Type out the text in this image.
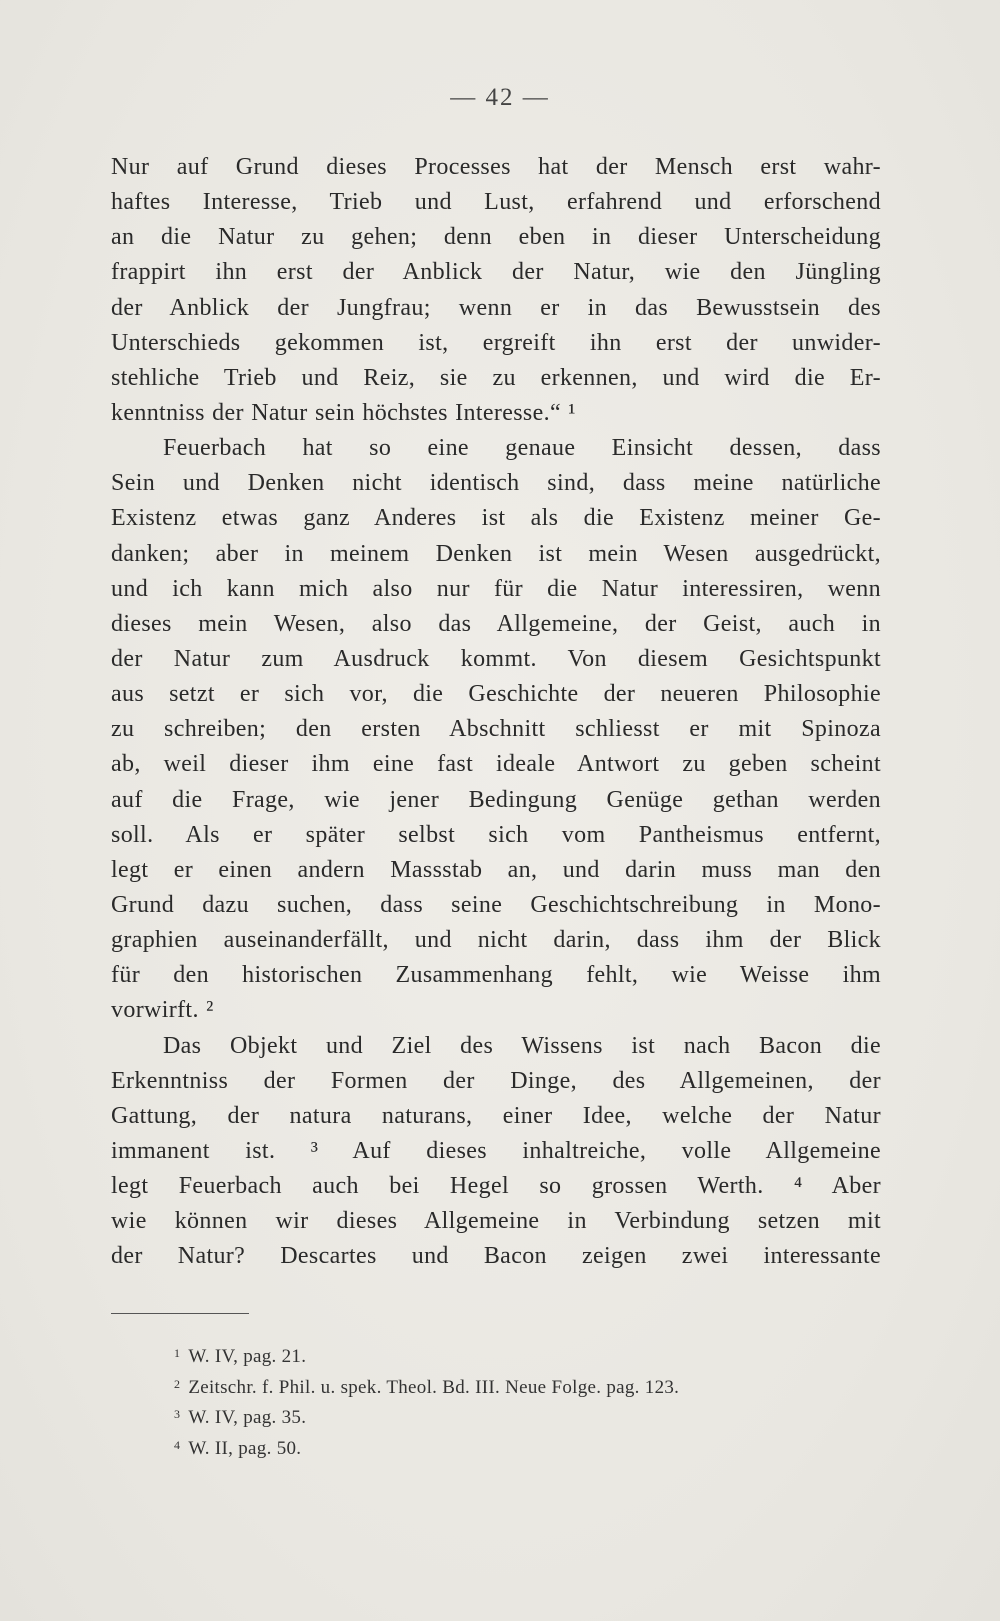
— 42 —
Nur auf Grund dieses Processes hat der Mensch erst wahr-
haftes Interesse, Trieb und Lust, erfahrend und erforschend
an die Natur zu gehen; denn eben in dieser Unterscheidung
frappirt ihn erst der Anblick der Natur, wie den Jüngling
der Anblick der Jungfrau; wenn er in das Bewusstsein des
Unterschieds gekommen ist, ergreift ihn erst der unwider-
stehliche Trieb und Reiz, sie zu erkennen, und wird die Er-
kenntniss der Natur sein höchstes Interesse.“ ¹
Feuerbach hat so eine genaue Einsicht dessen, dass
Sein und Denken nicht identisch sind, dass meine natürliche
Existenz etwas ganz Anderes ist als die Existenz meiner Ge-
danken; aber in meinem Denken ist mein Wesen ausgedrückt,
und ich kann mich also nur für die Natur interessiren, wenn
dieses mein Wesen, also das Allgemeine, der Geist, auch in
der Natur zum Ausdruck kommt. Von diesem Gesichtspunkt
aus setzt er sich vor, die Geschichte der neueren Philosophie
zu schreiben; den ersten Abschnitt schliesst er mit Spinoza
ab, weil dieser ihm eine fast ideale Antwort zu geben scheint
auf die Frage, wie jener Bedingung Genüge gethan werden
soll. Als er später selbst sich vom Pantheismus entfernt,
legt er einen andern Massstab an, und darin muss man den
Grund dazu suchen, dass seine Geschichtschreibung in Mono-
graphien auseinanderfällt, und nicht darin, dass ihm der Blick
für den historischen Zusammenhang fehlt, wie Weisse ihm
vorwirft. ²
Das Objekt und Ziel des Wissens ist nach Bacon die
Erkenntniss der Formen der Dinge, des Allgemeinen, der
Gattung, der natura naturans, einer Idee, welche der Natur
immanent ist. ³ Auf dieses inhaltreiche, volle Allgemeine
legt Feuerbach auch bei Hegel so grossen Werth. ⁴ Aber
wie können wir dieses Allgemeine in Verbindung setzen mit
der Natur? Descartes und Bacon zeigen zwei interessante
$^1$ W. IV, pag. 21.
$^2$ Zeitschr. f. Phil. u. spek. Theol. Bd. III. Neue Folge. pag. 123.
$^3$ W. IV, pag. 35.
$^4$ W. II, pag. 50.
